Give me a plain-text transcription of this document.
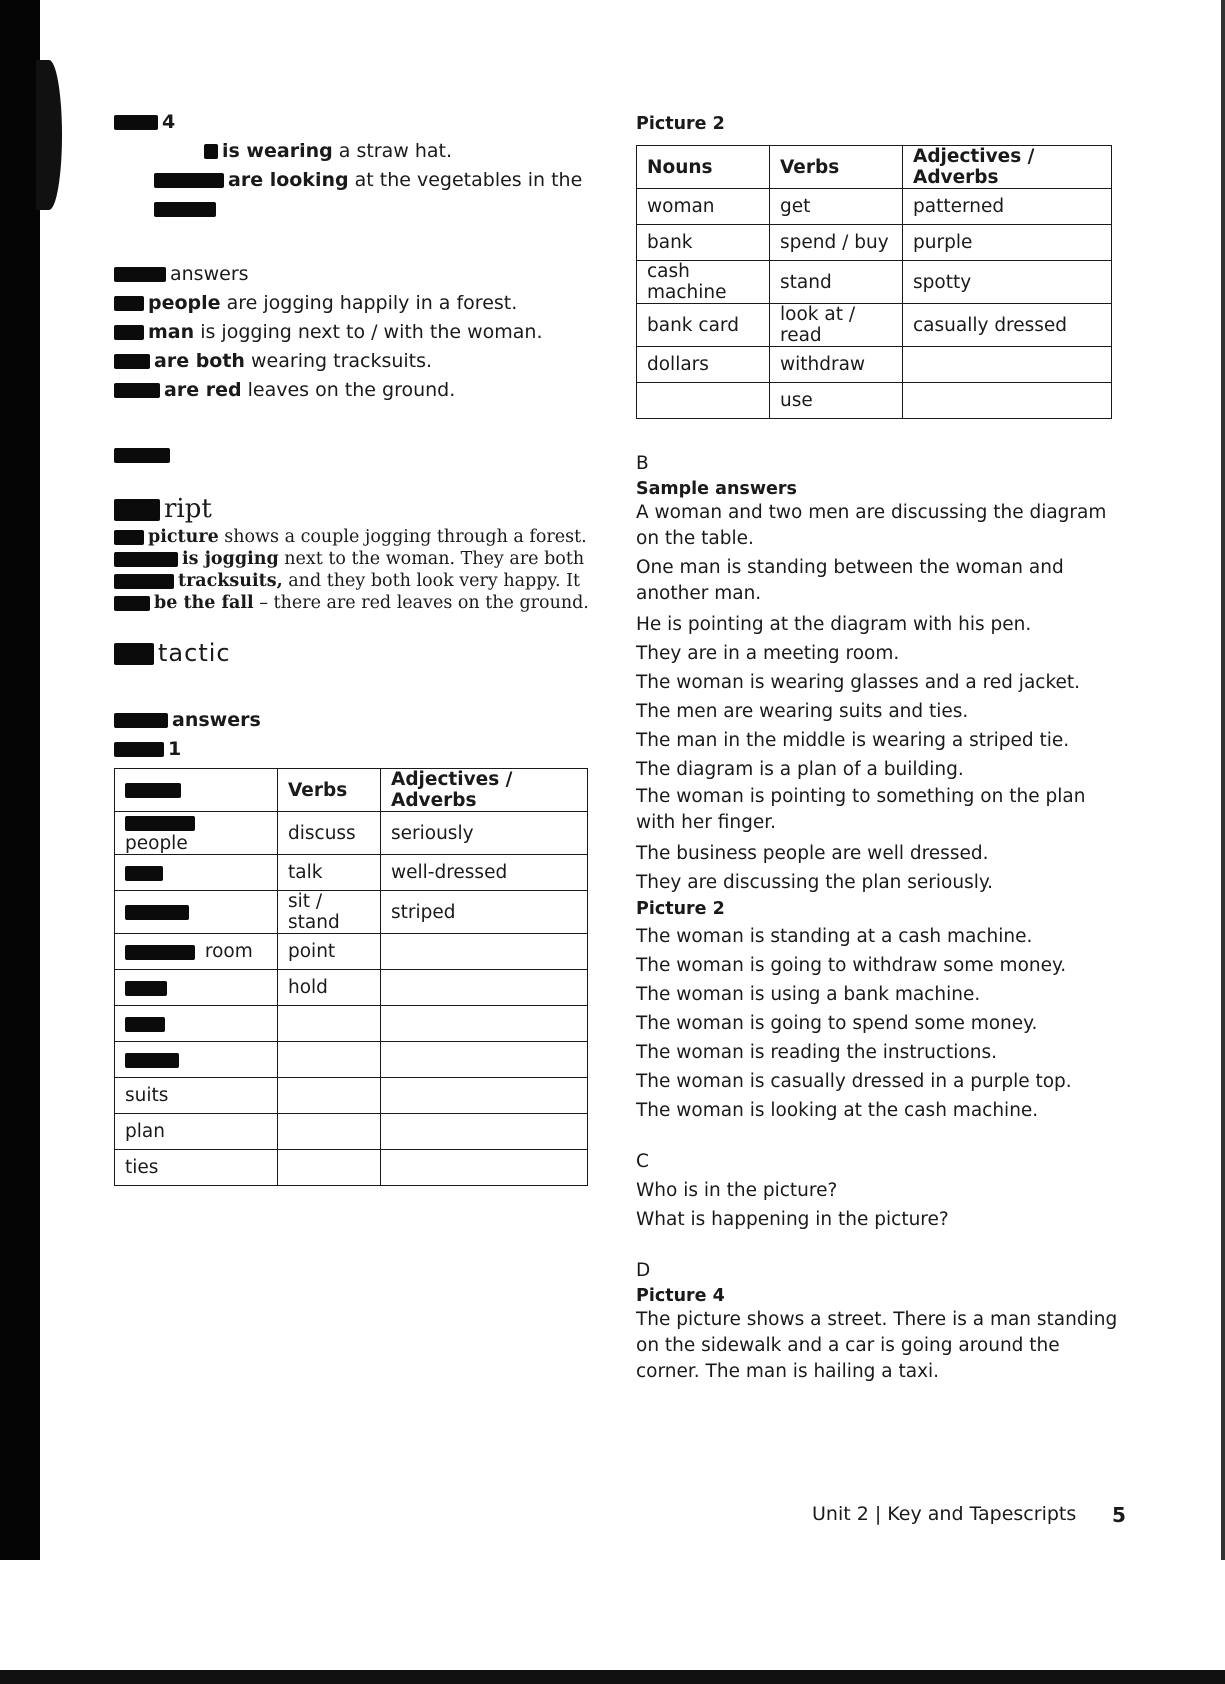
4

is wearing a straw hat.

are looking at the vegetables in the

answers

people are jogging happily in a forest.

man is jogging next to / with the woman.

are both wearing tracksuits.

are red leaves on the ground.

ript

picture shows a couple jogging through a forest.

is jogging next to the woman. They are both

tracksuits, and they both look very happy. It

be the fall – there are red leaves on the ground.

tactic

answers

1

	Verbs	Adjectives / Adverbs
people	discuss	seriously
	talk	well-dressed
	sit / stand	striped
room	point	
	hold	

suits		
plan		
ties		

Picture 2

Nouns	Verbs	Adjectives / Adverbs
woman	get	patterned
bank	spend / buy	purple
cash machine	stand	spotty
bank card	look at / read	casually dressed
dollars	withdraw	
	use	

B

Sample answers

A woman and two men are discussing the diagram on the table.

One man is standing between the woman and another man.

He is pointing at the diagram with his pen.

They are in a meeting room.

The woman is wearing glasses and a red jacket.

The men are wearing suits and ties.

The man in the middle is wearing a striped tie.

The diagram is a plan of a building.

The woman is pointing to something on the plan with her finger.

The business people are well dressed.

They are discussing the plan seriously.

Picture 2

The woman is standing at a cash machine.

The woman is going to withdraw some money.

The woman is using a bank machine.

The woman is going to spend some money.

The woman is reading the instructions.

The woman is casually dressed in a purple top.

The woman is looking at the cash machine.

C

Who is in the picture?

What is happening in the picture?

D

Picture 4

The picture shows a street. There is a man standing on the sidewalk and a car is going around the corner. The man is hailing a taxi.

Unit 2 | Key and Tapescripts 5
